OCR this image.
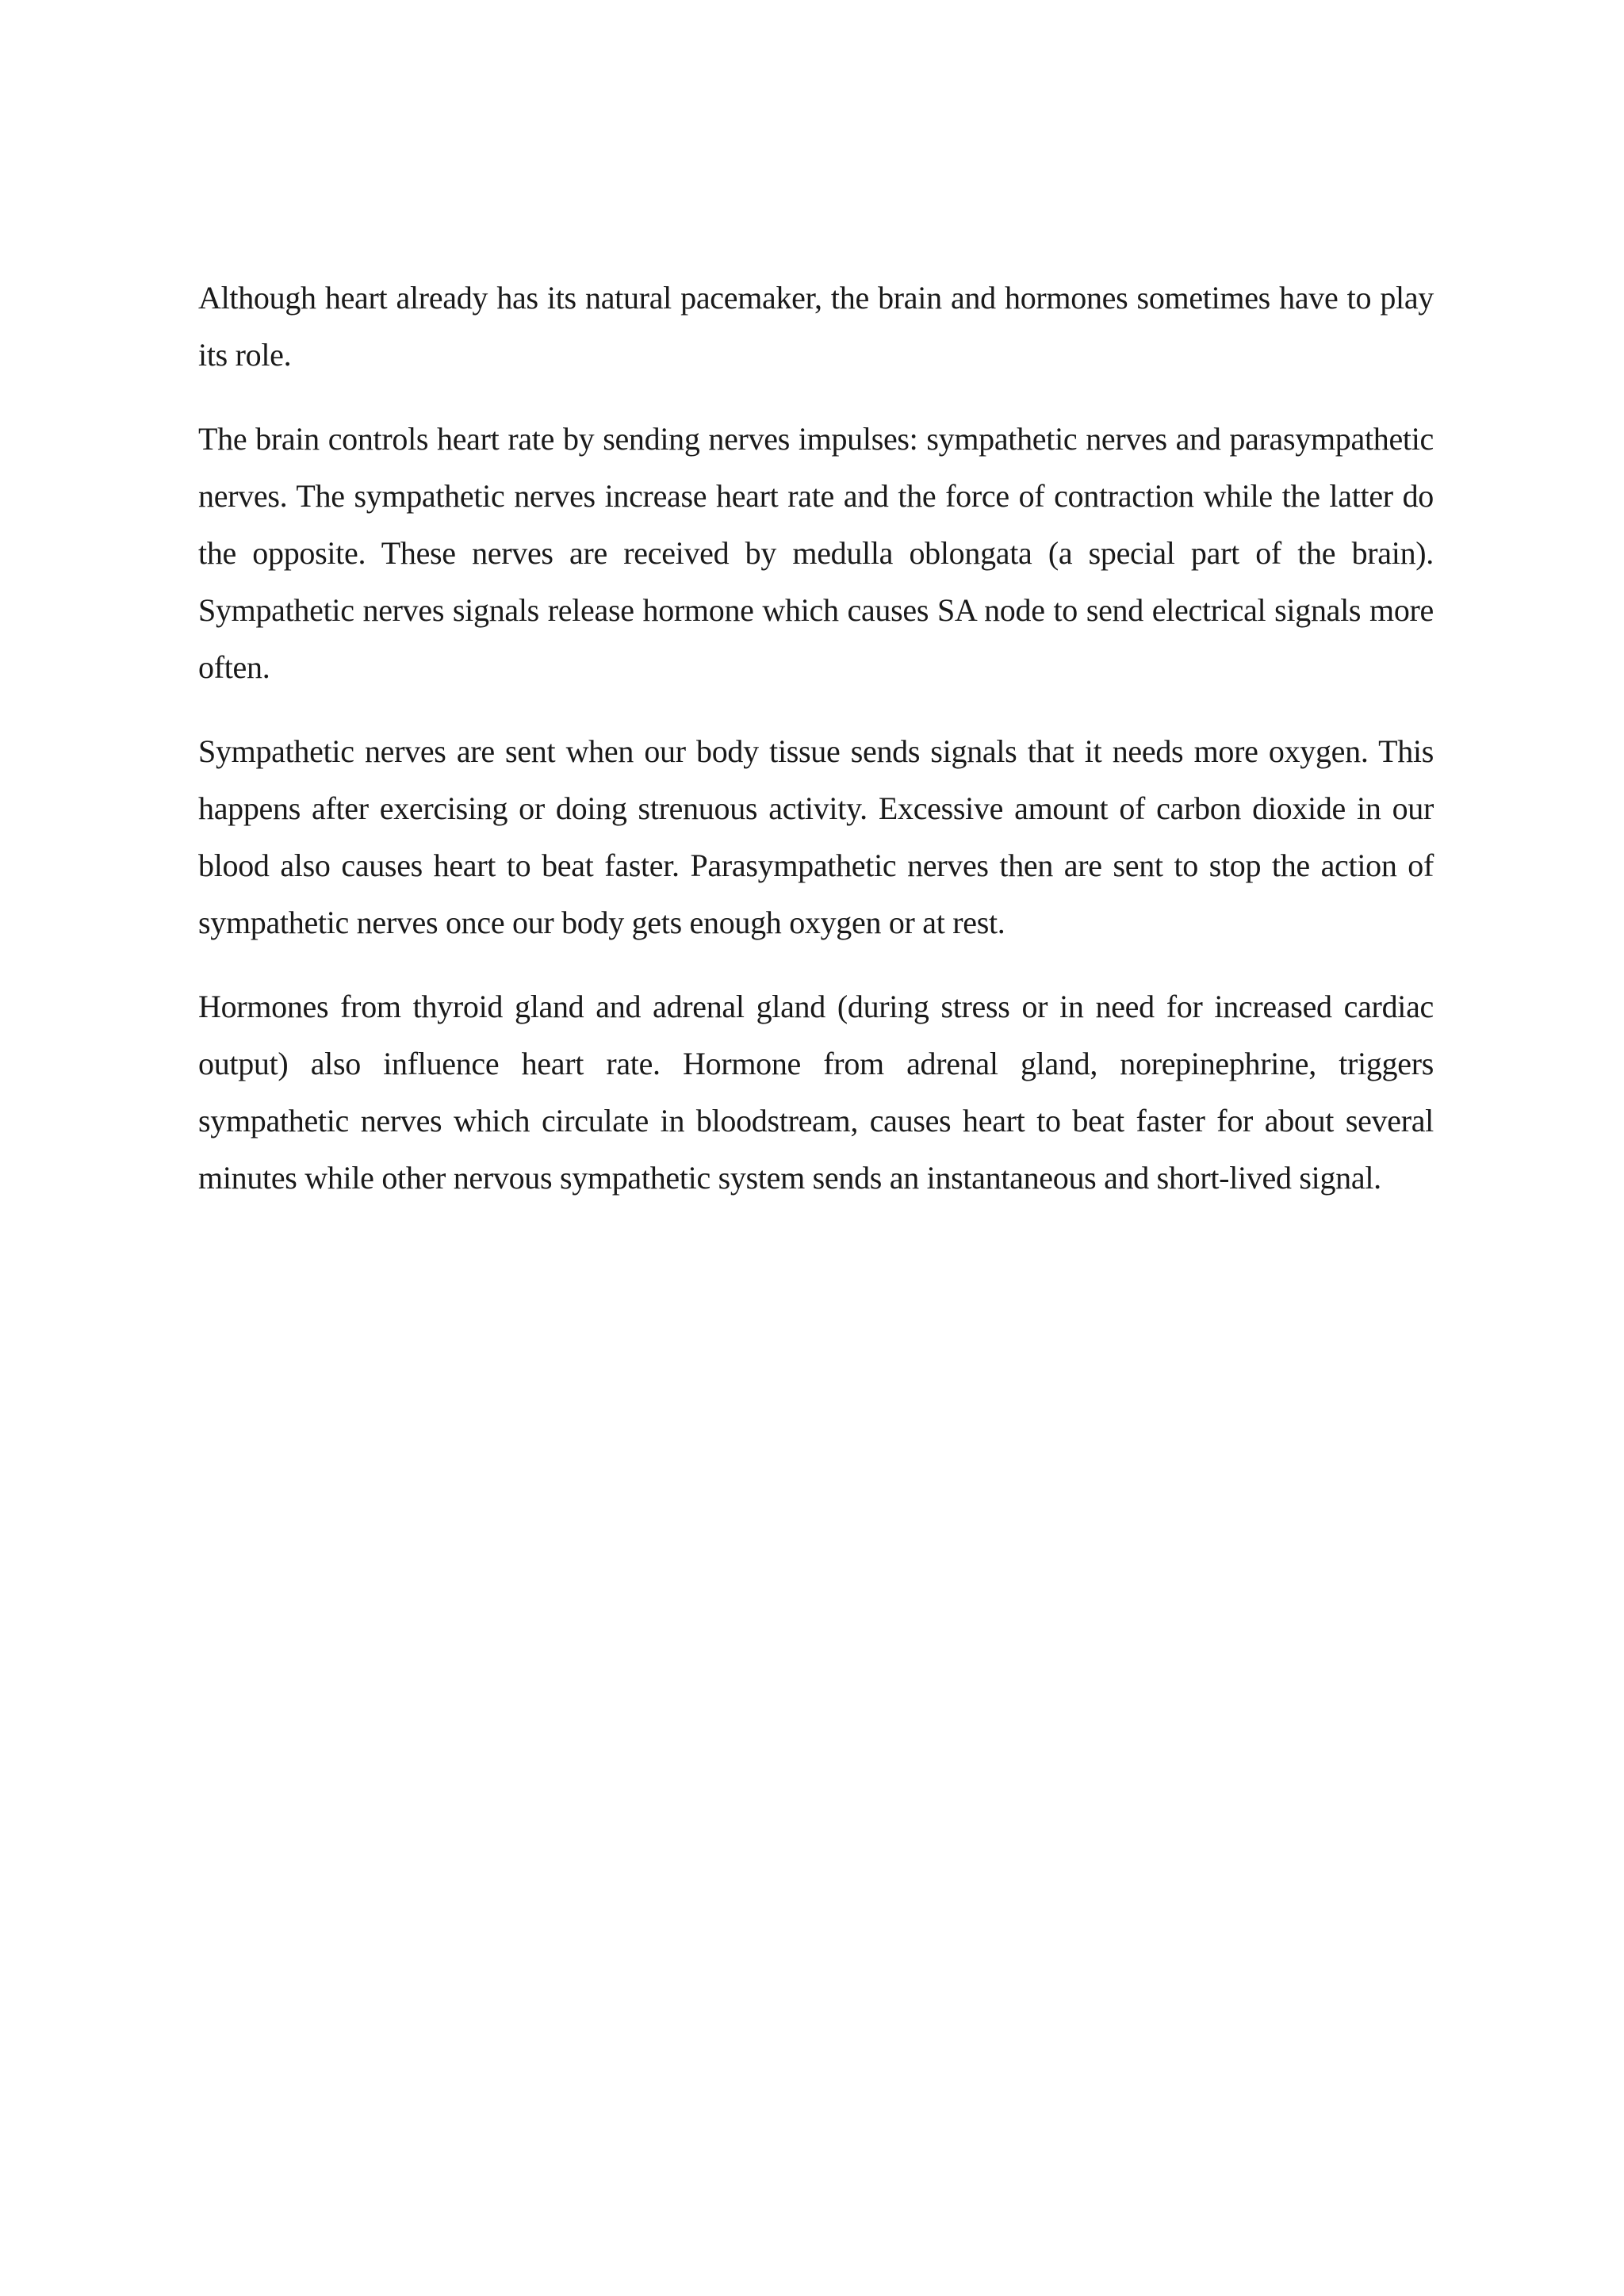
Although heart already has its natural pacemaker, the brain and hormones sometimes have to play its role.

The brain controls heart rate by sending nerves impulses: sympathetic nerves and parasympathetic nerves. The sympathetic nerves increase heart rate and the force of contraction while the latter do the opposite. These nerves are received by medulla oblongata (a special part of the brain). Sympathetic nerves signals release hormone which causes SA node to send electrical signals more often.

Sympathetic nerves are sent when our body tissue sends signals that it needs more oxygen. This happens after exercising or doing strenuous activity. Excessive amount of carbon dioxide in our blood also causes heart to beat faster. Parasympathetic nerves then are sent to stop the action of sympathetic nerves once our body gets enough oxygen or at rest.

Hormones from thyroid gland and adrenal gland (during stress or in need for increased cardiac output) also influence heart rate. Hormone from adrenal gland, norepinephrine, triggers sympathetic nerves which circulate in bloodstream, causes heart to beat faster for about several minutes while other nervous sympathetic system sends an instantaneous and short-lived signal.
